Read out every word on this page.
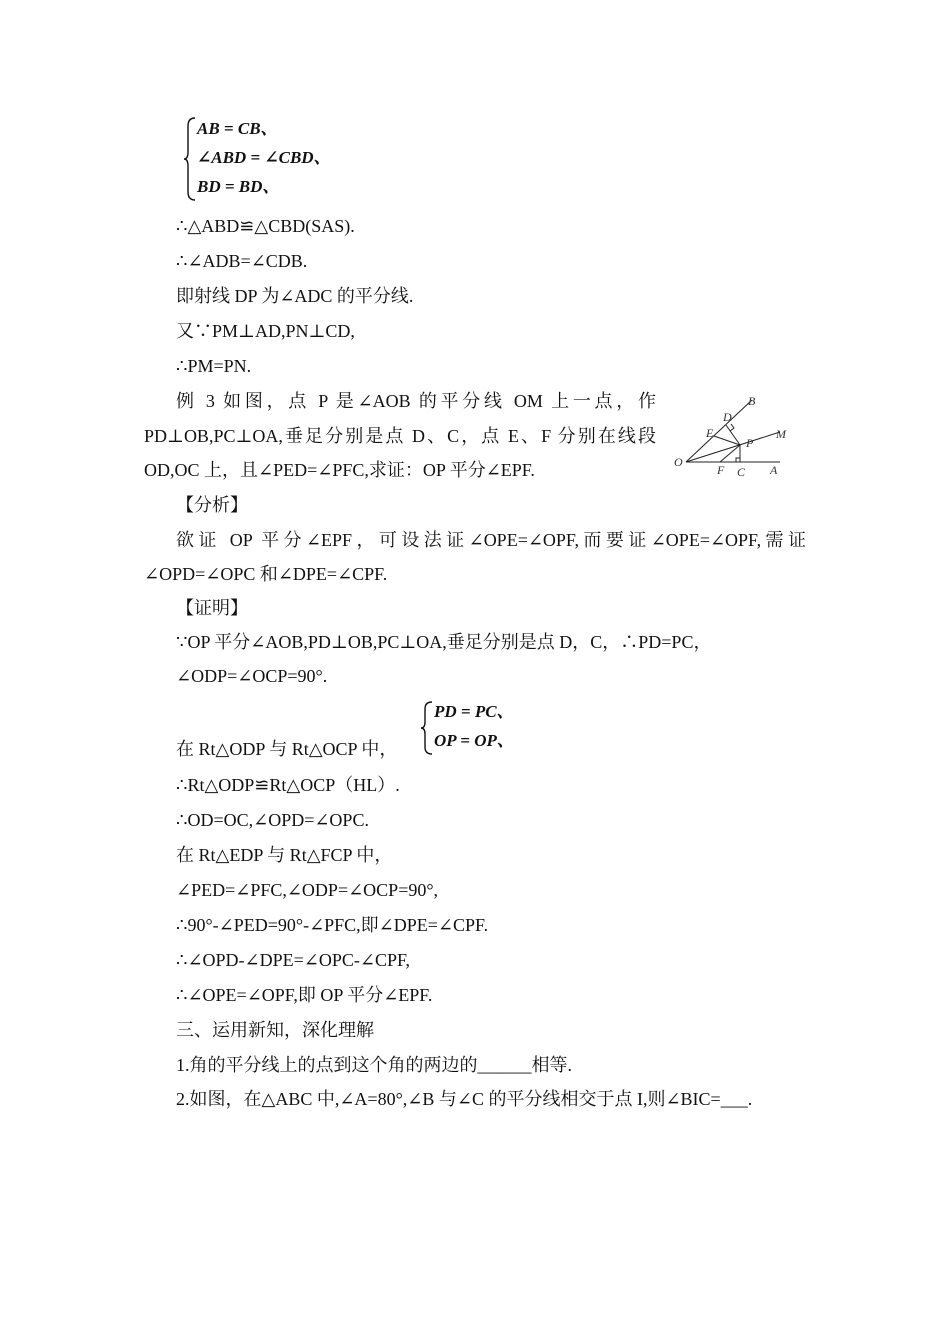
AB = CB、
∠ABD = ∠CBD、
BD = BD、
∴△ABD≌△CBD(SAS).
∴∠ADB=∠CDB.
即射线 DP 为∠ADC 的平分线.
又∵PM⊥AD,PN⊥CD,
∴PM=PN.
例 3 如图，点 P 是∠AOB 的平分线 OM 上一点，作
PD⊥OB,PC⊥OA,垂足分别是点 D、C，点 E、F 分别在线段
OD,OC 上，且∠PED=∠PFC,求证：OP 平分∠EPF.
B
D
E
P
M
O
F C A
【分析】
欲证 OP 平分∠EPF，可设法证∠OPE=∠OPF,而要证∠OPE=∠OPF,需证
∠OPD=∠OPC 和∠DPE=∠CPF.
【证明】
∵OP 平分∠AOB,PD⊥OB,PC⊥OA,垂足分别是点 D，C，∴PD=PC，
∠ODP=∠OCP=90°.
PD = PC、
OP = OP、
在 Rt△ODP 与 Rt△OCP 中，
∴Rt△ODP≌Rt△OCP（HL）.
∴OD=OC,∠OPD=∠OPC.
在 Rt△EDP 与 Rt△FCP 中，
∠PED=∠PFC,∠ODP=∠OCP=90°,
∴90°-∠PED=90°-∠PFC,即∠DPE=∠CPF.
∴∠OPD-∠DPE=∠OPC-∠CPF,
∴∠OPE=∠OPF,即 OP 平分∠EPF.
三、运用新知，深化理解
1.角的平分线上的点到这个角的两边的______相等.
2.如图，在△ABC 中,∠A=80°,∠B 与∠C 的平分线相交于点 I,则∠BIC=___.
